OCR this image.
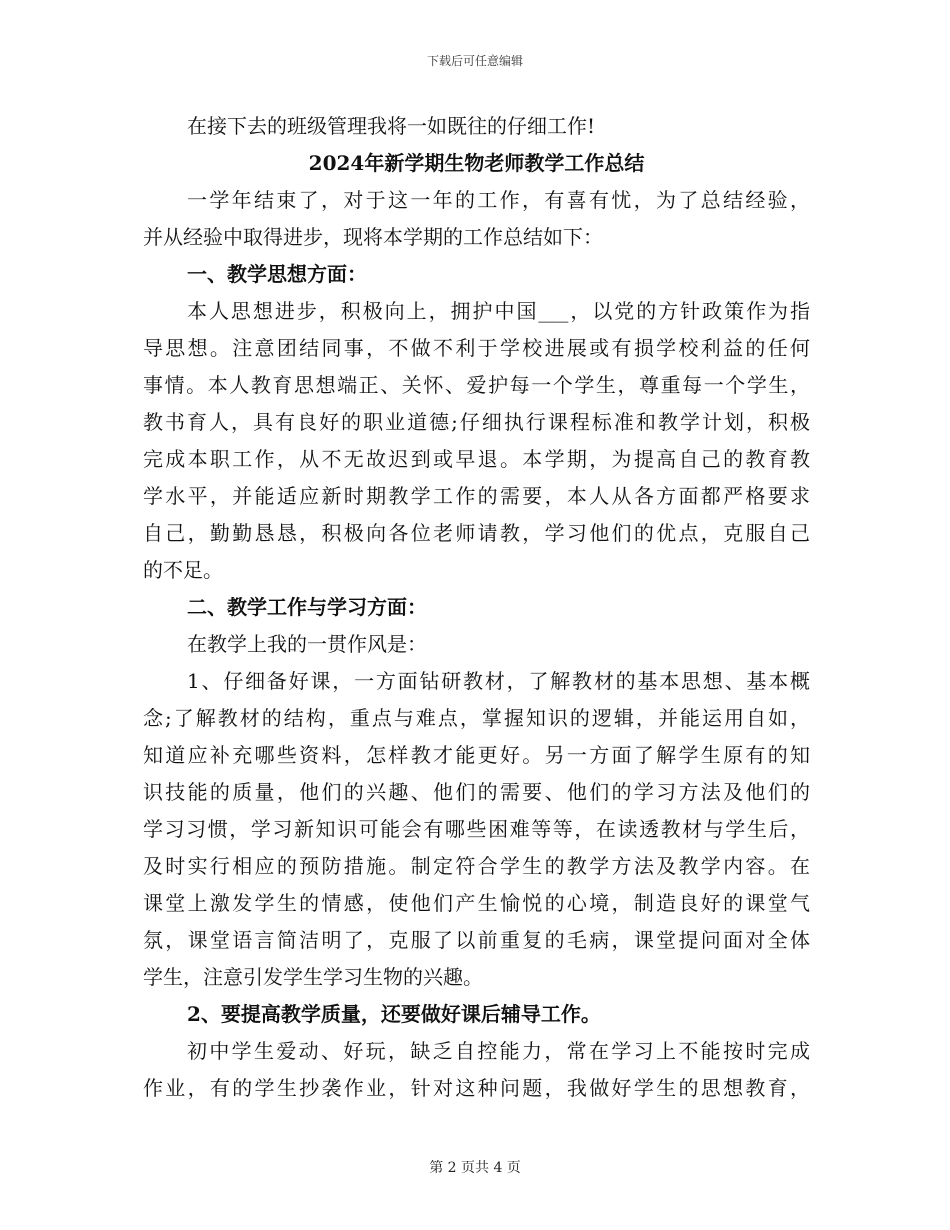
下载后可任意编辑
在接下去的班级管理我将一如既往的仔细工作!
2024年新学期生物老师教学工作总结
一学年结束了，对于这一年的工作，有喜有忧，为了总结经验，
并从经验中取得进步，现将本学期的工作总结如下：
一、教学思想方面：
本人思想进步，积极向上，拥护中国___，以党的方针政策作为指
导思想。注意团结同事，不做不利于学校进展或有损学校利益的任何
事情。本人教育思想端正、关怀、爱护每一个学生，尊重每一个学生，
教书育人，具有良好的职业道德;仔细执行课程标准和教学计划，积极
完成本职工作，从不无故迟到或早退。本学期，为提高自己的教育教
学水平，并能适应新时期教学工作的需要，本人从各方面都严格要求
自己，勤勤恳恳，积极向各位老师请教，学习他们的优点，克服自己
的不足。
二、教学工作与学习方面：
在教学上我的一贯作风是：
1、仔细备好课，一方面钻研教材，了解教材的基本思想、基本概
念;了解教材的结构，重点与难点，掌握知识的逻辑，并能运用自如，
知道应补充哪些资料，怎样教才能更好。另一方面了解学生原有的知
识技能的质量，他们的兴趣、他们的需要、他们的学习方法及他们的
学习习惯，学习新知识可能会有哪些困难等等，在读透教材与学生后，
及时实行相应的预防措施。制定符合学生的教学方法及教学内容。在
课堂上激发学生的情感，使他们产生愉悦的心境，制造良好的课堂气
氛，课堂语言简洁明了，克服了以前重复的毛病，课堂提问面对全体
学生，注意引发学生学习生物的兴趣。
2、要提高教学质量，还要做好课后辅导工作。
初中学生爱动、好玩，缺乏自控能力，常在学习上不能按时完成
作业，有的学生抄袭作业，针对这种问题，我做好学生的思想教育，
第 2 页共 4 页
